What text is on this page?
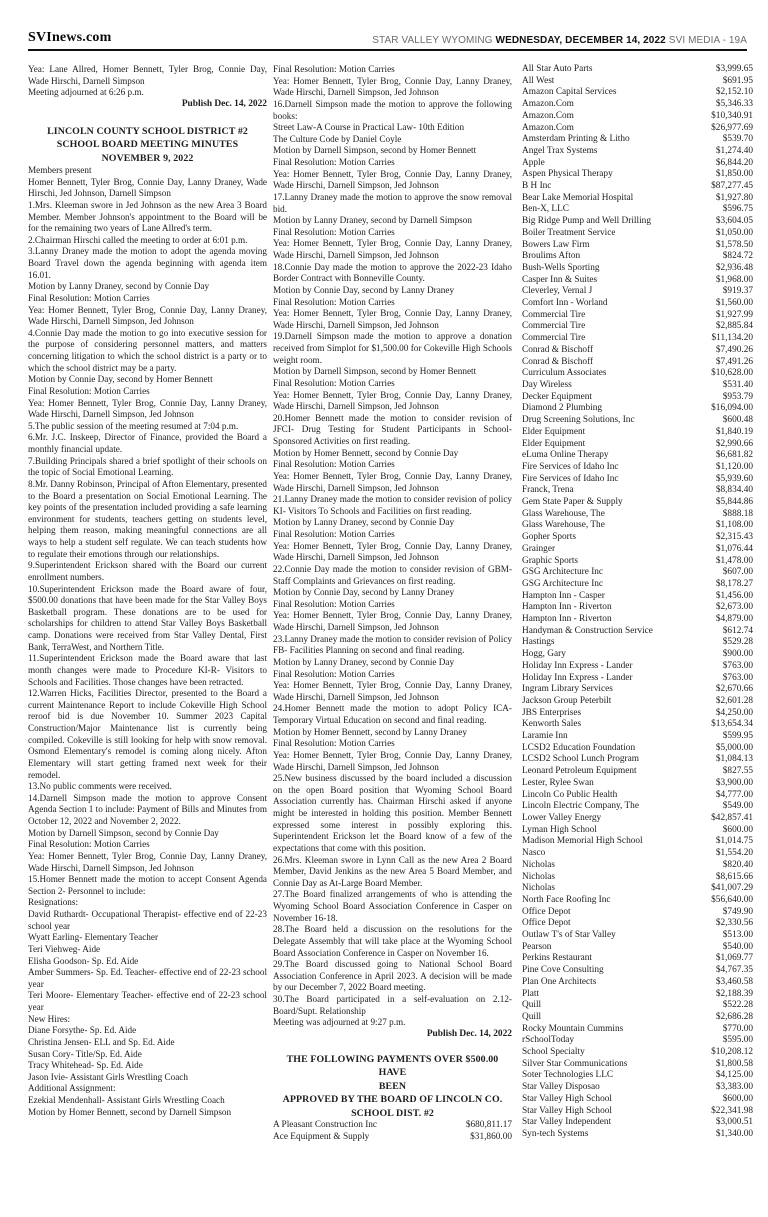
SVInews.com	STAR VALLEY WYOMING WEDNESDAY, DECEMBER 14, 2022 SVI MEDIA - 19A
Yea: Lane Allred, Homer Bennett, Tyler Brog, Connie Day, Wade Hirschi, Darnell Simpson
Meeting adjourned at 6:26 p.m.
Publish Dec. 14, 2022
LINCOLN COUNTY SCHOOL DISTRICT #2
SCHOOL BOARD MEETING MINUTES
NOVEMBER 9, 2022
Members present
Homer Bennett, Tyler Brog, Connie Day, Lanny Draney, Wade Hirschi, Jed Johnson, Darnell Simpson
1.Mrs. Kleeman swore in Jed Johnson as the new Area 3 Board Member. Member Johnson's appointment to the Board will be for the remaining two years of Lane Allred's term.
2.Chairman Hirschi called the meeting to order at 6:01 p.m.
3.Lanny Draney made the motion to adopt the agenda moving Board Travel down the agenda beginning with agenda item 16.01.
Motion by Lanny Draney, second by Connie Day
Final Resolution: Motion Carries
Yea: Homer Bennett, Tyler Brog, Connie Day, Lanny Draney, Wade Hirschi, Darnell Simpson, Jed Johnson
4.Connie Day made the motion to go into executive session for the purpose of considering personnel matters, and matters concerning litigation to which the school district is a party or to which the school district may be a party.
Motion by Connie Day, second by Homer Bennett
Final Resolution: Motion Carries
Yea: Homer Bennett, Tyler Brog, Connie Day, Lanny Draney, Wade Hirschi, Darnell Simpson, Jed Johnson
5.The public session of the meeting resumed at 7:04 p.m.
6.Mr. J.C. Inskeep, Director of Finance, provided the Board a monthly financial update.
7.Building Principals shared a brief spotlight of their schools on the topic of Social Emotional Learning.
8.Mr. Danny Robinson, Principal of Afton Elementary, presented to the Board a presentation on Social Emotional Learning. The key points of the presentation included providing a safe learning environment for students, teachers getting on students level, helping them reason, making meaningful connections are all ways to help a student self regulate. We can teach students how to regulate their emotions through our relationships.
9.Superintendent Erickson shared with the Board our current enrollment numbers.
10.Superintendent Erickson made the Board aware of four, $500.00 donations that have been made for the Star Valley Boys Basketball program. These donations are to be used for scholarships for children to attend Star Valley Boys Basketball camp. Donations were received from Star Valley Dental, First Bank, TerraWest, and Northern Title.
11.Superintendent Erickson made the Board aware that last month changes were made to Procedure KI-R- Visitors to Schools and Facilities. Those changes have been retracted.
12.Warren Hicks, Facilities Director, presented to the Board a current Maintenance Report to include Cokeville High School reroof bid is due November 10. Summer 2023 Capital Construction/Major Maintenance list is currently being compiled. Cokeville is still looking for help with snow removal. Osmond Elementary's remodel is coming along nicely. Afton Elementary will start getting framed next week for their remodel.
13.No public comments were received.
14.Darnell Simpson made the motion to approve Consent Agenda Section 1 to include: Payment of Bills and Minutes from October 12, 2022 and November 2, 2022.
Motion by Darnell Simpson, second by Connie Day
Final Resolution: Motion Carries
Yea: Homer Bennett, Tyler Brog, Connie Day, Lanny Draney, Wade Hirschi, Darnell Simpson, Jed Johnson
15.Homer Bennett made the motion to accept Consent Agenda Section 2- Personnel to include:
Resignations:
David Ruthardt- Occupational Therapist- effective end of 22-23 school year
Wyatt Earling- Elementary Teacher
Teri Viehweg- Aide
Elisha Goodson- Sp. Ed. Aide
Amber Summers- Sp. Ed. Teacher- effective end of 22-23 school year
Teri Moore- Elementary Teacher- effective end of 22-23 school year
New Hires:
Diane Forsythe- Sp. Ed. Aide
Christina Jensen- ELL and Sp. Ed. Aide
Susan Cory- Title/Sp. Ed. Aide
Tracy Whitehead- Sp. Ed. Aide
Jason Ivie- Assistant Girls Wrestling Coach
Additional Assignment:
Ezekial Mendenhall- Assistant Girls Wrestling Coach
Motion by Homer Bennett, second by Darnell Simpson
Final Resolution: Motion Carries
Yea: Homer Bennett, Tyler Brog, Connie Day, Lanny Draney, Wade Hirschi, Darnell Simpson, Jed Johnson
16.Darnell Simpson made the motion to approve the following books:
Street Law-A Course in Practical Law- 10th Edition
The Culture Code by Daniel Coyle
Motion by Darnell Simpson, second by Homer Bennett
Final Resolution: Motion Carries
Yea: Homer Bennett, Tyler Brog, Connie Day, Lanny Draney, Wade Hirschi, Darnell Simpson, Jed Johnson
17.Lanny Draney made the motion to approve the snow removal bid.
Motion by Lanny Draney, second by Darnell Simpson
Final Resolution: Motion Carries
Yea: Homer Bennett, Tyler Brog, Connie Day, Lanny Draney, Wade Hirschi, Darnell Simpson, Jed Johnson
18.Connie Day made the motion to approve the 2022-23 Idaho Border Contract with Bonneville County.
Motion by Connie Day, second by Lanny Draney
Final Resolution: Motion Carries
Yea: Homer Bennett, Tyler Brog, Connie Day, Lanny Draney, Wade Hirschi, Darnell Simpson, Jed Johnson
19.Darnell Simpson made the motion to approve a donation received from Simplot for $1,500.00 for Cokeville High Schools weight room.
Motion by Darnell Simpson, second by Homer Bennett
Final Resolution: Motion Carries
Yea: Homer Bennett, Tyler Brog, Connie Day, Lanny Draney, Wade Hirschi, Darnell Simpson, Jed Johnson
20.Homer Bennett made the motion to consider revision of JFCI- Drug Testing for Student Participants in School-Sponsored Activities on first reading.
Motion by Homer Bennett, second by Connie Day
Final Resolution: Motion Carries
Yea: Homer Bennett, Tyler Brog, Connie Day, Lanny Draney, Wade Hirschi, Darnell Simpson, Jed Johnson
21.Lanny Draney made the motion to consider revision of policy KI- Visitors To Schools and Facilities on first reading.
Motion by Lanny Draney, second by Connie Day
Final Resolution: Motion Carries
Yea: Homer Bennett, Tyler Brog, Connie Day, Lanny Draney, Wade Hirschi, Darnell Simpson, Jed Johnson
22.Connie Day made the motion to consider revision of GBM- Staff Complaints and Grievances on first reading.
Motion by Connie Day, second by Lanny Draney
Final Resolution: Motion Carries
Yea: Homer Bennett, Tyler Brog, Connie Day, Lanny Draney, Wade Hirschi, Darnell Simpson, Jed Johnson
23.Lanny Draney made the motion to consider revision of Policy FB- Facilities Planning on second and final reading.
Motion by Lanny Draney, second by Connie Day
Final Resolution: Motion Carries
Yea: Homer Bennett, Tyler Brog, Connie Day, Lanny Draney, Wade Hirschi, Darnell Simpson, Jed Johnson
24.Homer Bennett made the motion to adopt Policy ICA- Temporary Virtual Education on second and final reading.
Motion by Homer Bennett, second by Lanny Draney
Final Resolution: Motion Carries
Yea: Homer Bennett, Tyler Brog, Connie Day, Lanny Draney, Wade Hirschi, Darnell Simpson, Jed Johnson
25.New business discussed by the board included a discussion on the open Board position that Wyoming School Board Association currently has. Chairman Hirschi asked if anyone might be interested in holding this position. Member Bennett expressed some interest in possibly exploring this. Superintendent Erickson let the Board know of a few of the expectations that come with this position.
26.Mrs. Kleeman swore in Lynn Call as the new Area 2 Board Member, David Jenkins as the new Area 5 Board Member, and Connie Day as At-Large Board Member.
27.The Board finalized arrangements of who is attending the Wyoming School Board Association Conference in Casper on November 16-18.
28.The Board held a discussion on the resolutions for the Delegate Assembly that will take place at the Wyoming School Board Association Conference in Casper on November 16.
29.The Board discussed going to National School Board Association Conference in April 2023. A decision will be made by our December 7, 2022 Board meeting.
30.The Board participated in a self-evaluation on 2.12-Board/Supt. Relationship
Meeting was adjourned at 9:27 p.m.
Publish Dec. 14, 2022
THE FOLLOWING PAYMENTS OVER $500.00 HAVE
BEEN
APPROVED BY THE BOARD OF LINCOLN CO.
SCHOOL DIST. #2
A Pleasant Construction Inc	$680,811.17
Ace Equipment & Supply	$31,860.00
All Star Auto Parts	$3,999.65
All West	$691.95
Amazon Capital Services	$2,152.10
Amazon.Com	$5,346.33
Amazon.Com	$10,340.91
Amazon.Com	$26,977.69
Amsterdam Printing & Litho	$539.70
Angel Trax Systems	$1,274.40
Apple	$6,844.20
Aspen Physical Therapy	$1,850.00
B H Inc	$87,277.45
Bear Lake Memorial Hospital	$1,927.80
Ben-X, LLC	$596.75
Big Ridge Pump and Well Drilling	$3,604.05
Boiler Treatment Service	$1,050.00
Bowers Law Firm	$1,578.50
Broulims Afton	$824.72
Bush-Wells Sporting	$2,936.48
Casper Inn & Suites	$1,968.00
Cleverley, Vernal J	$919.37
Comfort Inn - Worland	$1,560.00
Commercial Tire	$1,927.99
Commercial Tire	$2,885.84
Commercial Tire	$11,134.20
Conrad & Bischoff	$7,490.26
Conrad & Bischoff	$7,491.26
Curriculum Associates	$10,628.00
Day Wireless	$531.40
Decker Equipment	$953.79
Diamond 2 Plumbing	$16,094.00
Drug Screening Solutions, Inc	$600.48
Elder Equipment	$1,840.19
Elder Equipment	$2,990.66
eLuma Online Therapy	$6,681.82
Fire Services of Idaho Inc	$1,120.00
Fire Services of Idaho Inc	$5,939.60
Franck, Trena	$8,834.40
Gem State Paper & Supply	$5,844.86
Glass Warehouse, The	$888.18
Glass Warehouse, The	$1,108.00
Gopher Sports	$2,315.43
Grainger	$1,076.44
Graphic Sports	$1,478.00
GSG Architecture Inc	$607.00
GSG Architecture Inc	$8,178.27
Hampton Inn - Casper	$1,456.00
Hampton Inn - Riverton	$2,673.00
Hampton Inn - Riverton	$4,879.00
Handyman & Construction Service	$612.74
Hastings	$529.28
Hogg, Gary	$900.00
Holiday Inn Express - Lander	$763.00
Holiday Inn Express - Lander	$763.00
Ingram Library Services	$2,670.66
Jackson Group Peterbilt	$2,601.28
JBS Enterprises	$4,250.00
Kenworth Sales	$13,654.34
Laramie Inn	$599.95
LCSD2 Education Foundation	$5,000.00
LCSD2 School Lunch Program	$1,084.13
Leonard Petroleum Equipment	$827.55
Lester, Rylee Swan	$3,900.00
Lincoln Co Public Health	$4,777.00
Lincoln Electric Company, The	$549.00
Lower Valley Energy	$42,857.41
Lyman High School	$600.00
Madison Memorial High School	$1,014.75
Nasco	$1,554.20
Nicholas	$820.40
Nicholas	$8,615.66
Nicholas	$41,007.29
North Face Roofing Inc	$56,640.00
Office Depot	$749.90
Office Depot	$2,330.56
Outlaw T's of Star Valley	$513.00
Pearson	$540.00
Perkins Restaurant	$1,069.77
Pine Cove Consulting	$4,767.35
Plan One Architects	$3,460.58
Platt	$2,188.39
Quill	$522.28
Quill	$2,686.28
Rocky Mountain Cummins	$770.00
rSchoolToday	$595.00
School Specialty	$10,208.12
Silver Star Communications	$1,800.58
Soter Technologies LLC	$4,125.00
Star Valley Disposao	$3,383.00
Star Valley High School	$600.00
Star Valley High School	$22,341.98
Star Valley Independent	$3,000.51
Syn-tech Systems	$1,340.00
